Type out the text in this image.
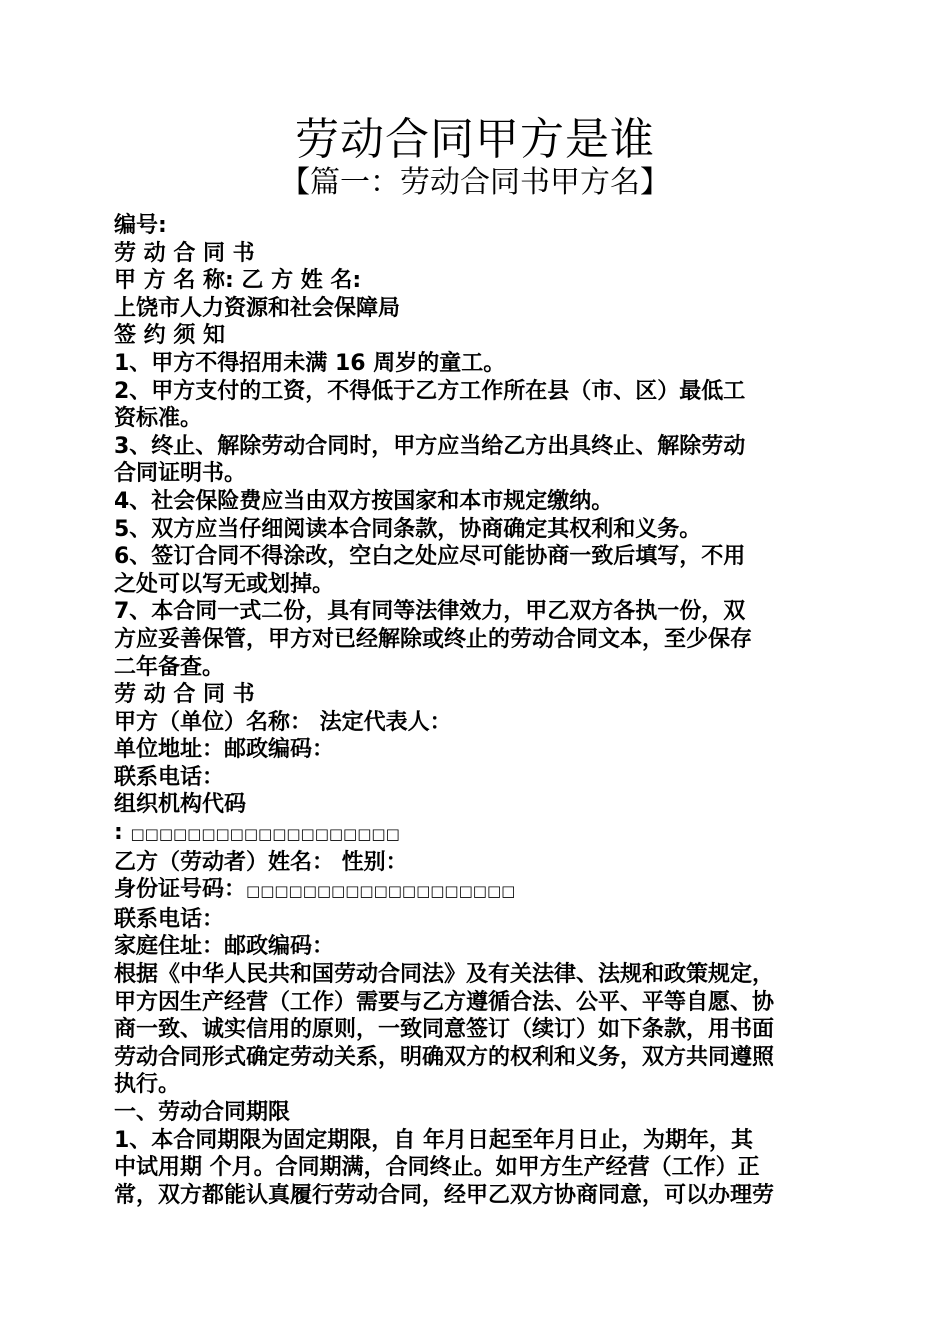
劳动合同甲方是谁
【篇一：劳动合同书甲方名】
编号:
劳 动 合 同 书
甲 方 名 称: 乙 方 姓 名:
上饶市人力资源和社会保障局
签 约 须 知
1、甲方不得招用未满 16 周岁的童工。
2、甲方支付的工资，不得低于乙方工作所在县（市、区）最低工
资标准。
3、终止、解除劳动合同时，甲方应当给乙方出具终止、解除劳动
合同证明书。
4、社会保险费应当由双方按国家和本市规定缴纳。
5、双方应当仔细阅读本合同条款，协商确定其权利和义务。
6、签订合同不得涂改，空白之处应尽可能协商一致后填写，不用
之处可以写无或划掉。
7、本合同一式二份，具有同等法律效力，甲乙双方各执一份，双
方应妥善保管，甲方对已经解除或终止的劳动合同文本，至少保存
二年备查。
劳 动 合 同 书
甲方（单位）名称： 法定代表人：
单位地址：邮政编码：
联系电话：
组织机构代码
: □□□□□□□□□□□□□□□□□□□
乙方（劳动者）姓名： 性别：
身份证号码：□□□□□□□□□□□□□□□□□□□
联系电话：
家庭住址：邮政编码：
根据《中华人民共和国劳动合同法》及有关法律、法规和政策规定，
甲方因生产经营（工作）需要与乙方遵循合法、公平、平等自愿、协
商一致、诚实信用的原则，一致同意签订（续订）如下条款，用书面
劳动合同形式确定劳动关系，明确双方的权利和义务，双方共同遵照
执行。
一、劳动合同期限
1、本合同期限为固定期限，自 年月日起至年月日止，为期年，其
中试用期 个月。合同期满，合同终止。如甲方生产经营（工作）正
常，双方都能认真履行劳动合同，经甲乙双方协商同意，可以办理劳
